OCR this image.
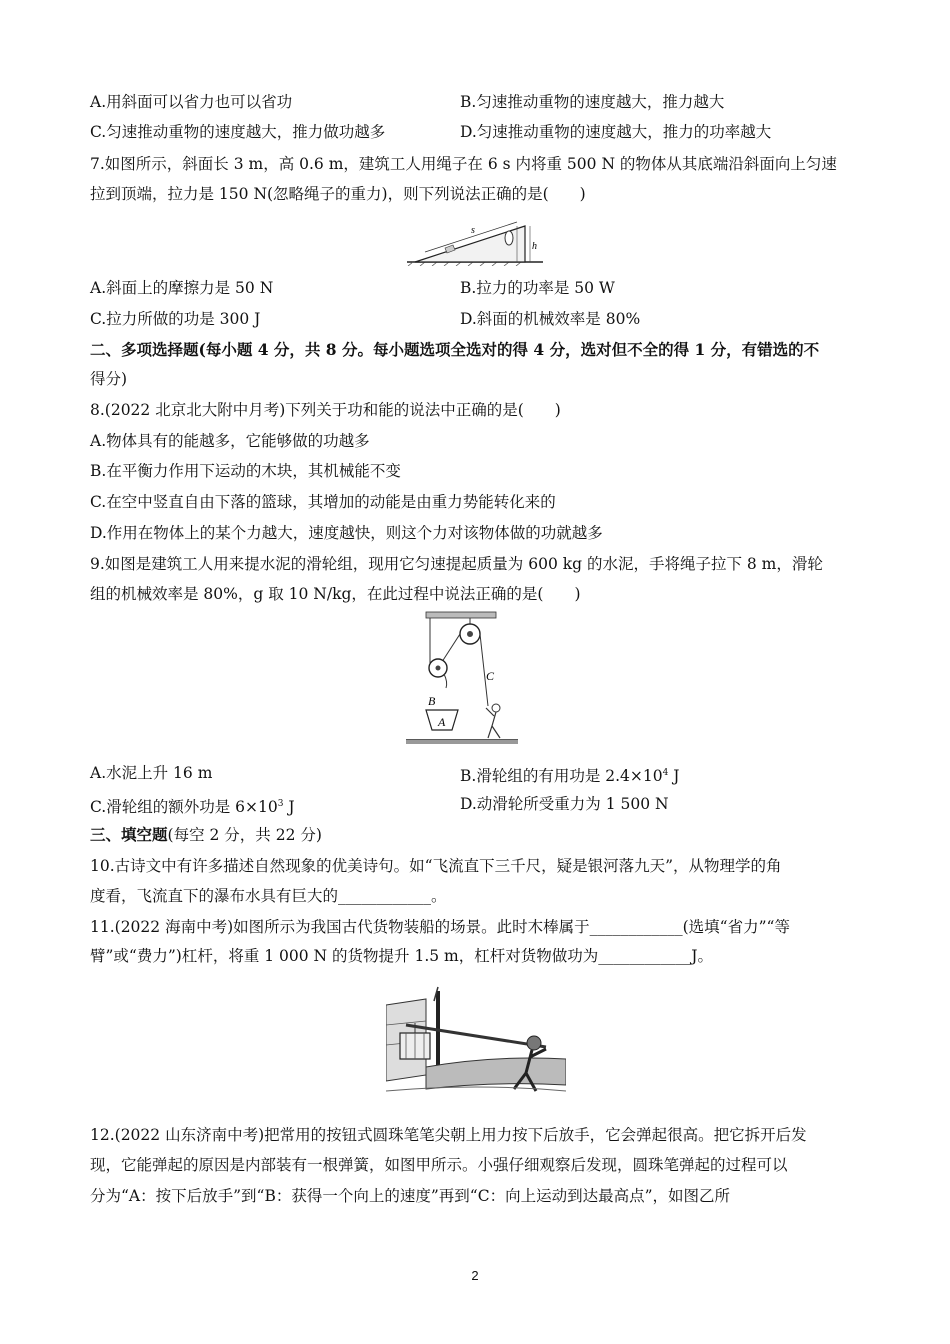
A.用斜面可以省力也可以省功	B.匀速推动重物的速度越大，推力越大
C.匀速推动重物的速度越大，推力做功越多	D.匀速推动重物的速度越大，推力的功率越大
7.如图所示，斜面长 3 m，高 0.6 m，建筑工人用绳子在 6 s 内将重 500 N 的物体从其底端沿斜面向上匀速
拉到顶端，拉力是 150 N(忽略绳子的重力)，则下列说法正确的是(　　)
s
h
A.斜面上的摩擦力是 50 N	B.拉力的功率是 50 W
C.拉力所做的功是 300 J	D.斜面的机械效率是 80%
二、多项选择题(每小题 4 分，共 8 分。每小题选项全选对的得 4 分，选对但不全的得 1 分，有错选的不
得分)
8.(2022 北京北大附中月考)下列关于功和能的说法中正确的是(　　)
A.物体具有的能越多，它能够做的功越多
B.在平衡力作用下运动的木块，其机械能不变
C.在空中竖直自由下落的篮球，其增加的动能是由重力势能转化来的
D.作用在物体上的某个力越大，速度越快，则这个力对该物体做的功就越多
9.如图是建筑工人用来提水泥的滑轮组，现用它匀速提起质量为 600 kg 的水泥，手将绳子拉下 8 m，滑轮
组的机械效率是 80%，g 取 10 N/kg，在此过程中说法正确的是(　　)
B
A
C
A.水泥上升 16 m	B.滑轮组的有用功是 $2.4\times 10^4$ J
C.滑轮组的额外功是 $6\times 10^3$ J	D.动滑轮所受重力为 1 500 N
三、填空题(每空 2 分，共 22 分)
10.古诗文中有许多描述自然现象的优美诗句。如“飞流直下三千尺，疑是银河落九天”，从物理学的角
度看，飞流直下的瀑布水具有巨大的____________。
11.(2022 海南中考)如图所示为我国古代货物装船的场景。此时木棒属于____________(选填“省力”“等
臂”或“费力”)杠杆，将重 1 000 N 的货物提升 1.5 m，杠杆对货物做功为____________J。
12.(2022 山东济南中考)把常用的按钮式圆珠笔笔尖朝上用力按下后放手，它会弹起很高。把它拆开后发
现，它能弹起的原因是内部装有一根弹簧，如图甲所示。小强仔细观察后发现，圆珠笔弹起的过程可以
分为“A：按下后放手”到“B：获得一个向上的速度”再到“C：向上运动到达最高点”，如图乙所
2
